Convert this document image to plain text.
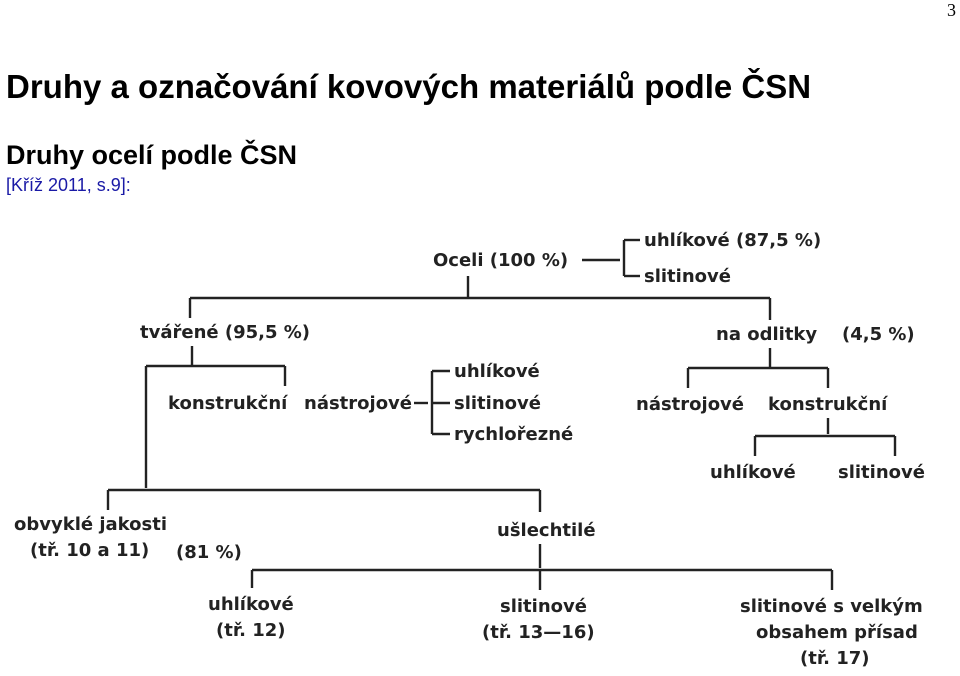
3
Druhy a označování kovových materiálů podle ČSN
Druhy ocelí podle ČSN
[Kříž 2011, s.9]:
Oceli (100 %)
uhlíkové (87,5 %)
slitinové
tvářené (95,5 %)	na odlitky (4,5 %)
konstrukční nástrojové
uhlíkové
slitinové
rychlořezné
nástrojové konstrukční
uhlíkové slitinové
obvyklé jakosti
(tř. 10 a 11) (81 %)
ušlechtilé
uhlíkové
(tř. 12)
slitinové
(tř. 13—16)
slitinové s velkým
obsahem přísad
(tř. 17)
